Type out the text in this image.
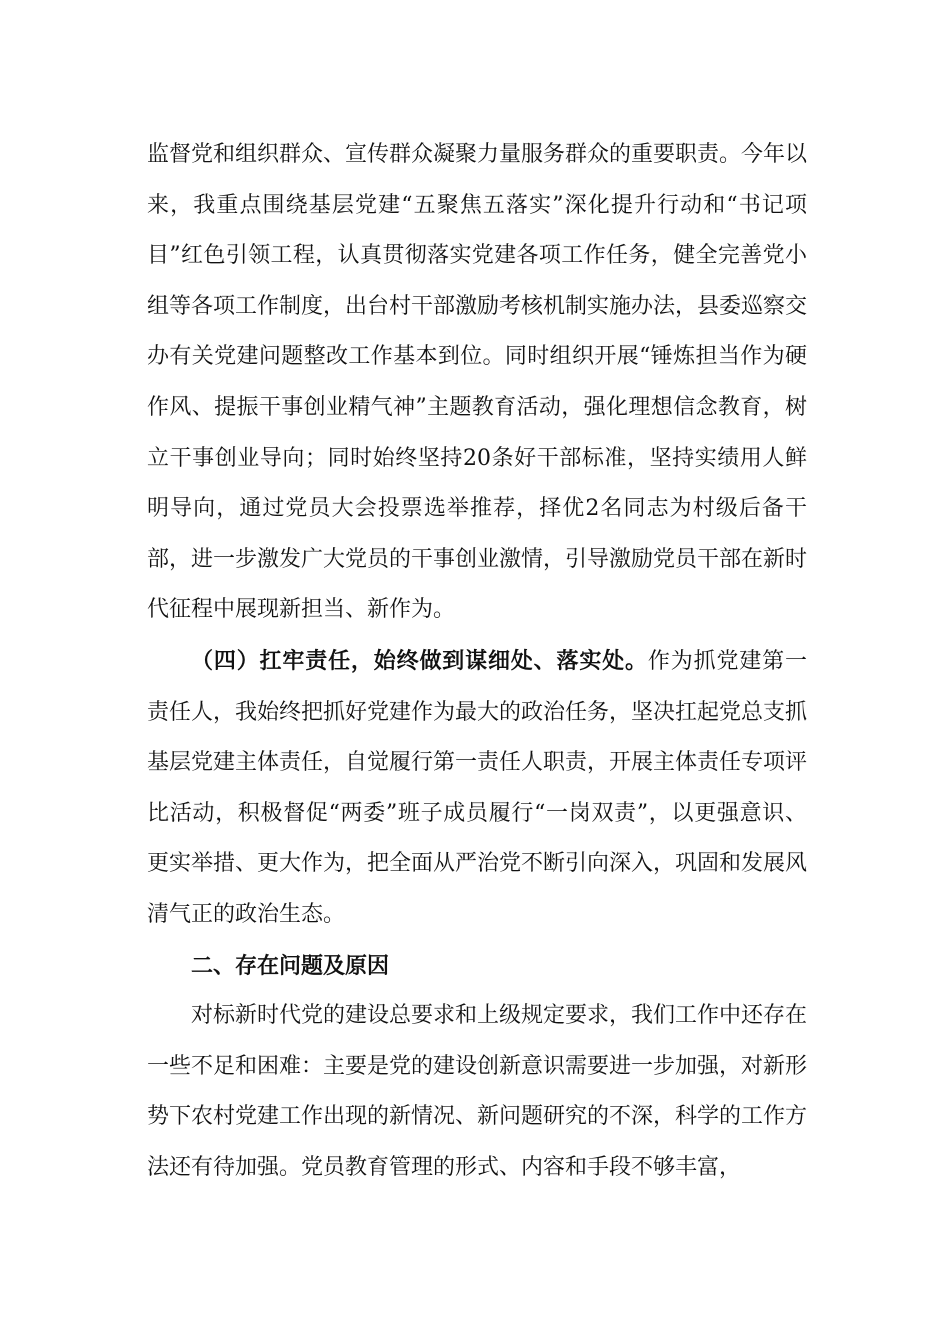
监督党和组织群众、宣传群众凝聚力量服务群众的重要职责。今年以来，我重点围绕基层党建“五聚焦五落实”深化提升行动和“书记项目”红色引领工程，认真贯彻落实党建各项工作任务，健全完善党小组等各项工作制度，出台村干部激励考核机制实施办法，县委巡察交办有关党建问题整改工作基本到位。同时组织开展“锤炼担当作为硬作风、提振干事创业精气神”主题教育活动，强化理想信念教育，树立干事创业导向；同时始终坚持20条好干部标准，坚持实绩用人鲜明导向，通过党员大会投票选举推荐，择优2名同志为村级后备干部，进一步激发广大党员的干事创业激情，引导激励党员干部在新时代征程中展现新担当、新作为。

（四）扛牢责任，始终做到谋细处、落实处。作为抓党建第一责任人，我始终把抓好党建作为最大的政治任务，坚决扛起党总支抓基层党建主体责任，自觉履行第一责任人职责，开展主体责任专项评比活动，积极督促“两委”班子成员履行“一岗双责”，以更强意识、更实举措、更大作为，把全面从严治党不断引向深入，巩固和发展风清气正的政治生态。

二、存在问题及原因

对标新时代党的建设总要求和上级规定要求，我们工作中还存在一些不足和困难：主要是党的建设创新意识需要进一步加强，对新形势下农村党建工作出现的新情况、新问题研究的不深，科学的工作方法还有待加强。党员教育管理的形式、内容和手段不够丰富，
